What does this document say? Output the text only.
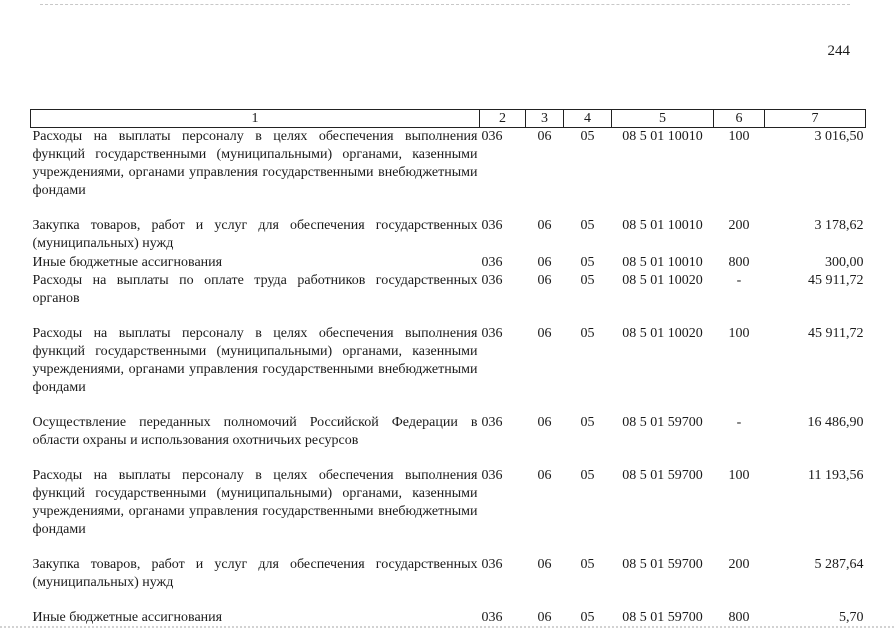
244
1	2	3	4	5	6	7
Расходы на выплаты персоналу в целях обеспечения выполнения функций государственными (муниципальными) органами, казенными учреждениями, органами управления государственными внебюджетными фондами	036	06	05	08 5 01 10010	100	3 016,50
Закупка товаров, работ и услуг для обеспечения государственных (муниципальных) нужд	036	06	05	08 5 01 10010	200	3 178,62
Иные бюджетные ассигнования	036	06	05	08 5 01 10010	800	300,00
Расходы на выплаты по оплате труда работников государственных органов	036	06	05	08 5 01 10020	-	45 911,72
Расходы на выплаты персоналу в целях обеспечения выполнения функций государственными (муниципальными) органами, казенными учреждениями, органами управления государственными внебюджетными фондами	036	06	05	08 5 01 10020	100	45 911,72
Осуществление переданных полномочий Российской Федерации в области охраны и использования охотничьих ресурсов	036	06	05	08 5 01 59700	-	16 486,90
Расходы на выплаты персоналу в целях обеспечения выполнения функций государственными (муниципальными) органами, казенными учреждениями, органами управления государственными внебюджетными фондами	036	06	05	08 5 01 59700	100	11 193,56
Закупка товаров, работ и услуг для обеспечения государственных (муниципальных) нужд	036	06	05	08 5 01 59700	200	5 287,64
Иные бюджетные ассигнования	036	06	05	08 5 01 59700	800	5,70
